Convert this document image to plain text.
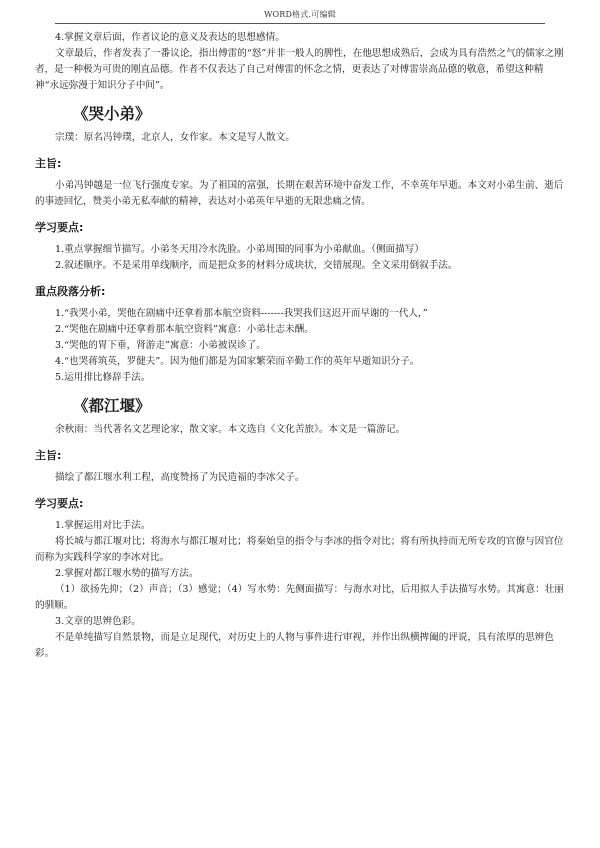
WORD格式.可编辑

4.掌握文章后面，作者议论的意义及表达的思想感情。

文章最后，作者发表了一番议论，指出傅雷的“怒”并非一般人的脾性，在他思想成熟后，会成为具有浩然之气的儒家之刚者，是一种极为可贵的刚直品德。作者不仅表达了自己对傅雷的怀念之情，更表达了对傅雷崇高品德的敬意，希望这种精神“永远弥漫于知识分子中间”。

《哭小弟》

宗璞：原名冯钟璞，北京人，女作家。本文是写人散文。

主旨:

小弟冯钟越是一位飞行强度专家。为了祖国的富强，长期在艰苦环境中奋发工作，不幸英年早逝。本文对小弟生前、逝后的事迹回忆，赞美小弟无私奉献的精神，表达对小弟英年早逝的无限悲痛之情。

学习要点:

1.重点掌握细节描写。小弟冬天用冷水洗脸。小弟周围的同事为小弟献血。（侧面描写）

2.叙述顺序。不是采用单线顺序，而是把众多的材料分成块状，交错展现。全文采用倒叙手法。

重点段落分析:

1.“我哭小弟，哭他在剧痛中还拿着那本航空资料-------我哭我们这迟开而早谢的一代人，”

2.“哭他在剧痛中还拿着那本航空资料”寓意：小弟壮志未酬。

3.“哭他的胃下垂，肾游走”寓意：小弟被误诊了。

4.“也哭蒋筑英，罗健夫”。因为他们都是为国家繁荣而辛勤工作的英年早逝知识分子。

5.运用排比修辞手法。

《都江堰》

余秋雨：当代著名文艺理论家，散文家。本文选自《文化苦旅》。本文是一篇游记。

主旨:

描绘了都江堰水利工程，高度赞扬了为民造福的李冰父子。

学习要点:

1.掌握运用对比手法。

将长城与都江堰对比；将海水与都江堰对比；将秦始皇的指令与李冰的指令对比；将有所执持而无所专攻的官僚与因官位而称为实践科学家的李冰对比。

2.掌握对都江堰水势的描写方法。

（1）欲扬先抑；（2）声音；（3）感觉；（4）写水势：先侧面描写：与海水对比，后用拟人手法描写水势。其寓意：壮丽的驯顺。

3.文章的思辨色彩。

不是单纯描写自然景物，而是立足现代，对历史上的人物与事件进行审视，并作出纵横捭阖的评说，具有浓厚的思辨色彩。
